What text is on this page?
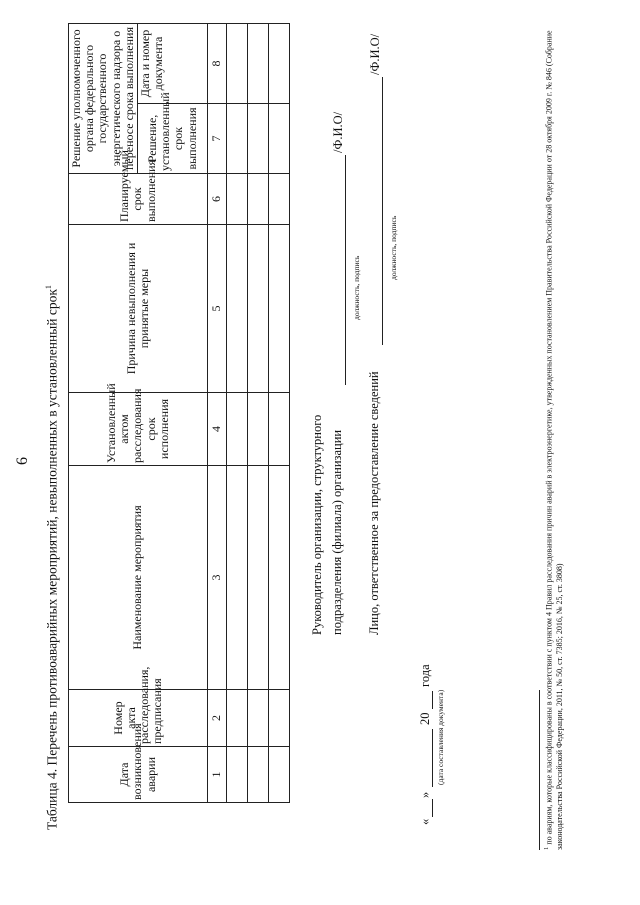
6 Таблица 4. Перечень противоаварийных мероприятий, невыполненных в установленный срок$^1$
Дата возникновения аварии	Номер акта расследования, предписания	Наименование мероприятия	Установленный актом расследования срок исполнения	Причина невыполнения и принятые меры	Планируемый срок выполнения	Решение уполномоченного органа федерального государственного энергетического надзора о переносе срока выполнения	
						Решение, установленный срок выполнения	Дата и номер документа
1	2	3	4	5	6	7	8

Руководитель организации, структурного подразделения (филиала) организации
должность, подпись
/Ф.И.О/
Лицо, ответственное за предоставление сведений
должность, подпись
/Ф.И.О/
«
»
20
года
(дата составления документа)
$^1$ по авариям, которые классифицированы в соответствии с пунктом 4 Правил расследования причин аварий в электроэнергетике, утвержденных постановлением Правительства Российской Федерации от 28 октября 2009 г. № 846 (Собрание законодательства Российской Федерации, 2011, № 50, ст. 7385; 2016, № 25, ст. 3808)
